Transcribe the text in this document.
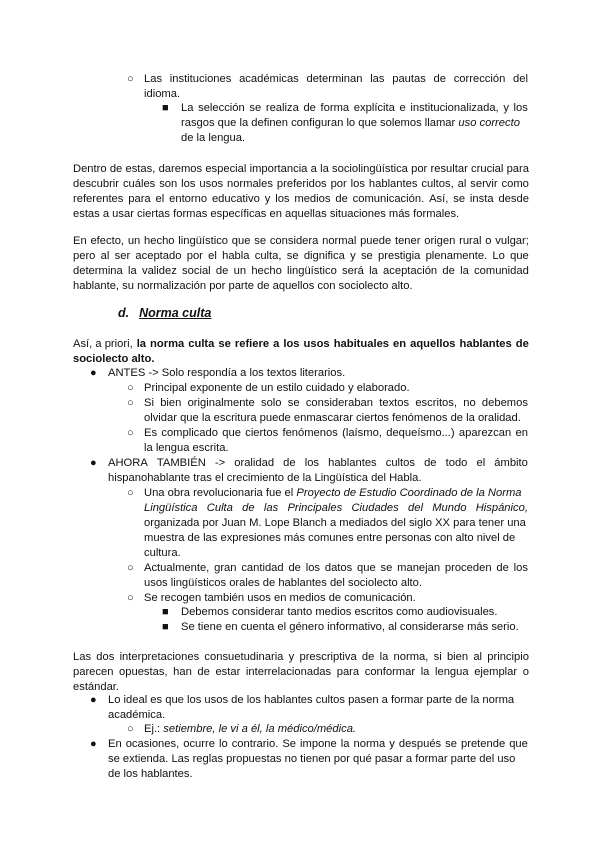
○ Las instituciones académicas determinan las pautas de corrección del
idioma.
■ La selección se realiza de forma explícita e institucionalizada, y los
rasgos que la definen configuran lo que solemos llamar uso correcto
de la lengua.
Dentro de estas, daremos especial importancia a la sociolingüística por resultar crucial para
descubrir cuáles son los usos normales preferidos por los hablantes cultos, al servir como
referentes para el entorno educativo y los medios de comunicación. Así, se insta desde
estas a usar ciertas formas específicas en aquellas situaciones más formales.
En efecto, un hecho lingüístico que se considera normal puede tener origen rural o vulgar;
pero al ser aceptado por el habla culta, se dignifica y se prestigia plenamente. Lo que
determina la validez social de un hecho lingüístico será la aceptación de la comunidad
hablante, su normalización por parte de aquellos con sociolecto alto.
d. Norma culta
Así, a priori, la norma culta se refiere a los usos habituales en aquellos hablantes de
sociolecto alto.
● ANTES -> Solo respondía a los textos literarios.
○ Principal exponente de un estilo cuidado y elaborado.
○ Si bien originalmente solo se consideraban textos escritos, no debemos
olvidar que la escritura puede enmascarar ciertos fenómenos de la oralidad.
○ Es complicado que ciertos fenómenos (laísmo, dequeísmo...) aparezcan en
la lengua escrita.
● AHORA TAMBIÉN -> oralidad de los hablantes cultos de todo el ámbito
hispanohablante tras el crecimiento de la Lingüística del Habla.
○ Una obra revolucionaria fue el Proyecto de Estudio Coordinado de la Norma
Lingüística Culta de las Principales Ciudades del Mundo Hispánico,
organizada por Juan M. Lope Blanch a mediados del siglo XX para tener una
muestra de las expresiones más comunes entre personas con alto nivel de
cultura.
○ Actualmente, gran cantidad de los datos que se manejan proceden de los
usos lingüísticos orales de hablantes del sociolecto alto.
○ Se recogen también usos en medios de comunicación.
■ Debemos considerar tanto medios escritos como audiovisuales.
■ Se tiene en cuenta el género informativo, al considerarse más serio.
Las dos interpretaciones consuetudinaria y prescriptiva de la norma, si bien al principio
parecen opuestas, han de estar interrelacionadas para conformar la lengua ejemplar o
estándar.
● Lo ideal es que los usos de los hablantes cultos pasen a formar parte de la norma
académica.
○ Ej.: setiembre, le vi a él, la médico/médica.
● En ocasiones, ocurre lo contrario. Se impone la norma y después se pretende que
se extienda. Las reglas propuestas no tienen por qué pasar a formar parte del uso
de los hablantes.
